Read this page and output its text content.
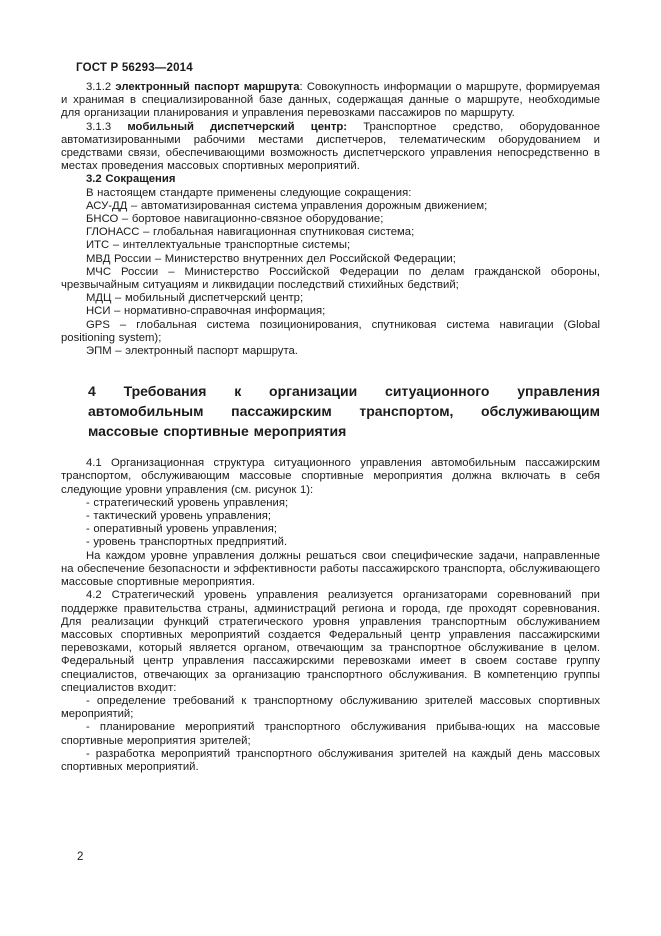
ГОСТ Р 56293—2014

3.1.2 электронный паспорт маршрута: Совокупность информации о маршруте, формируемая и хранимая в специализированной базе данных, содержащая данные о маршруте, необходимые для организации планирования и управления перевозками пассажиров по маршруту.

3.1.3 мобильный диспетчерский центр: Транспортное средство, оборудованное автоматизированными рабочими местами диспетчеров, телематическим оборудованием и средствами связи, обеспечивающими возможность диспетчерского управления непосредственно в местах проведения массовых спортивных мероприятий.

3.2 Сокращения

В настоящем стандарте применены следующие сокращения:

АСУ-ДД – автоматизированная система управления дорожным движением;

БНСО – бортовое навигационно-связное оборудование;

ГЛОНАСС – глобальная навигационная спутниковая система;

ИТС – интеллектуальные транспортные системы;

МВД России – Министерство внутренних дел Российской Федерации;

МЧС России – Министерство Российской Федерации по делам гражданской обороны, чрезвычайным ситуациям и ликвидации последствий стихийных бедствий;

МДЦ – мобильный диспетчерский центр;

НСИ – нормативно-справочная информация;

GPS – глобальная система позиционирования, спутниковая система навигации (Global positioning system);

ЭПМ – электронный паспорт маршрута.

4 Требования к организации ситуационного управления автомобильным пассажирским транспортом, обслуживающим массовые спортивные мероприятия

4.1 Организационная структура ситуационного управления автомобильным пассажирским транспортом, обслуживающим массовые спортивные мероприятия должна включать в себя следующие уровни управления (см. рисунок 1):

- стратегический уровень управления;

- тактический уровень управления;

- оперативный уровень управления;

- уровень транспортных предприятий.

На каждом уровне управления должны решаться свои специфические задачи, направленные на обеспечение безопасности и эффективности работы пассажирского транспорта, обслуживающего массовые спортивные мероприятия.

4.2 Стратегический уровень управления реализуется организаторами соревнований при поддержке правительства страны, администраций региона и города, где проходят соревнования. Для реализации функций стратегического уровня управления транспортным обслуживанием массовых спортивных мероприятий создается Федеральный центр управления пассажирскими перевозками, который является органом, отвечающим за транспортное обслуживание в целом. Федеральный центр управления пассажирскими перевозками имеет в своем составе группу специалистов, отвечающих за организацию транспортного обслуживания. В компетенцию группы специалистов входит:

- определение требований к транспортному обслуживанию зрителей массовых спортивных мероприятий;

- планирование мероприятий транспортного обслуживания прибыва-ющих на массовые спортивные мероприятия зрителей;

- разработка мероприятий транспортного обслуживания зрителей на каждый день массовых спортивных мероприятий.

2
